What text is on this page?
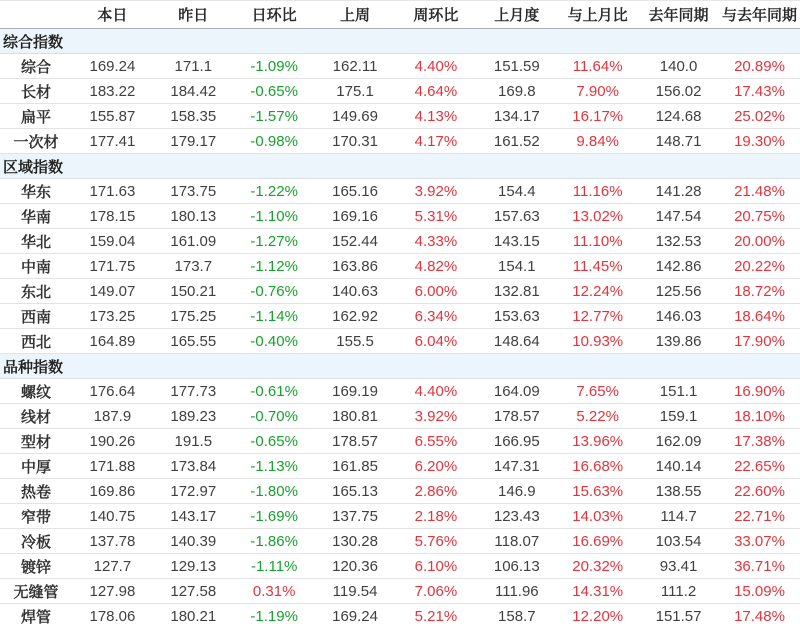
	本日	昨日	日环比	上周	周环比	上月度	与上月比	去年同期	与去年同期
综合指数									
综合	169.24	171.1	-1.09%	162.11	4.40%	151.59	11.64%	140.0	20.89%
长材	183.22	184.42	-0.65%	175.1	4.64%	169.8	7.90%	156.02	17.43%
扁平	155.87	158.35	-1.57%	149.69	4.13%	134.17	16.17%	124.68	25.02%
一次材	177.41	179.17	-0.98%	170.31	4.17%	161.52	9.84%	148.71	19.30%
区域指数									
华东	171.63	173.75	-1.22%	165.16	3.92%	154.4	11.16%	141.28	21.48%
华南	178.15	180.13	-1.10%	169.16	5.31%	157.63	13.02%	147.54	20.75%
华北	159.04	161.09	-1.27%	152.44	4.33%	143.15	11.10%	132.53	20.00%
中南	171.75	173.7	-1.12%	163.86	4.82%	154.1	11.45%	142.86	20.22%
东北	149.07	150.21	-0.76%	140.63	6.00%	132.81	12.24%	125.56	18.72%
西南	173.25	175.25	-1.14%	162.92	6.34%	153.63	12.77%	146.03	18.64%
西北	164.89	165.55	-0.40%	155.5	6.04%	148.64	10.93%	139.86	17.90%
品种指数									
螺纹	176.64	177.73	-0.61%	169.19	4.40%	164.09	7.65%	151.1	16.90%
线材	187.9	189.23	-0.70%	180.81	3.92%	178.57	5.22%	159.1	18.10%
型材	190.26	191.5	-0.65%	178.57	6.55%	166.95	13.96%	162.09	17.38%
中厚	171.88	173.84	-1.13%	161.85	6.20%	147.31	16.68%	140.14	22.65%
热卷	169.86	172.97	-1.80%	165.13	2.86%	146.9	15.63%	138.55	22.60%
窄带	140.75	143.17	-1.69%	137.75	2.18%	123.43	14.03%	114.7	22.71%
冷板	137.78	140.39	-1.86%	130.28	5.76%	118.07	16.69%	103.54	33.07%
镀锌	127.7	129.13	-1.11%	120.36	6.10%	106.13	20.32%	93.41	36.71%
无缝管	127.98	127.58	0.31%	119.54	7.06%	111.96	14.31%	111.2	15.09%
焊管	178.06	180.21	-1.19%	169.24	5.21%	158.7	12.20%	151.57	17.48%
